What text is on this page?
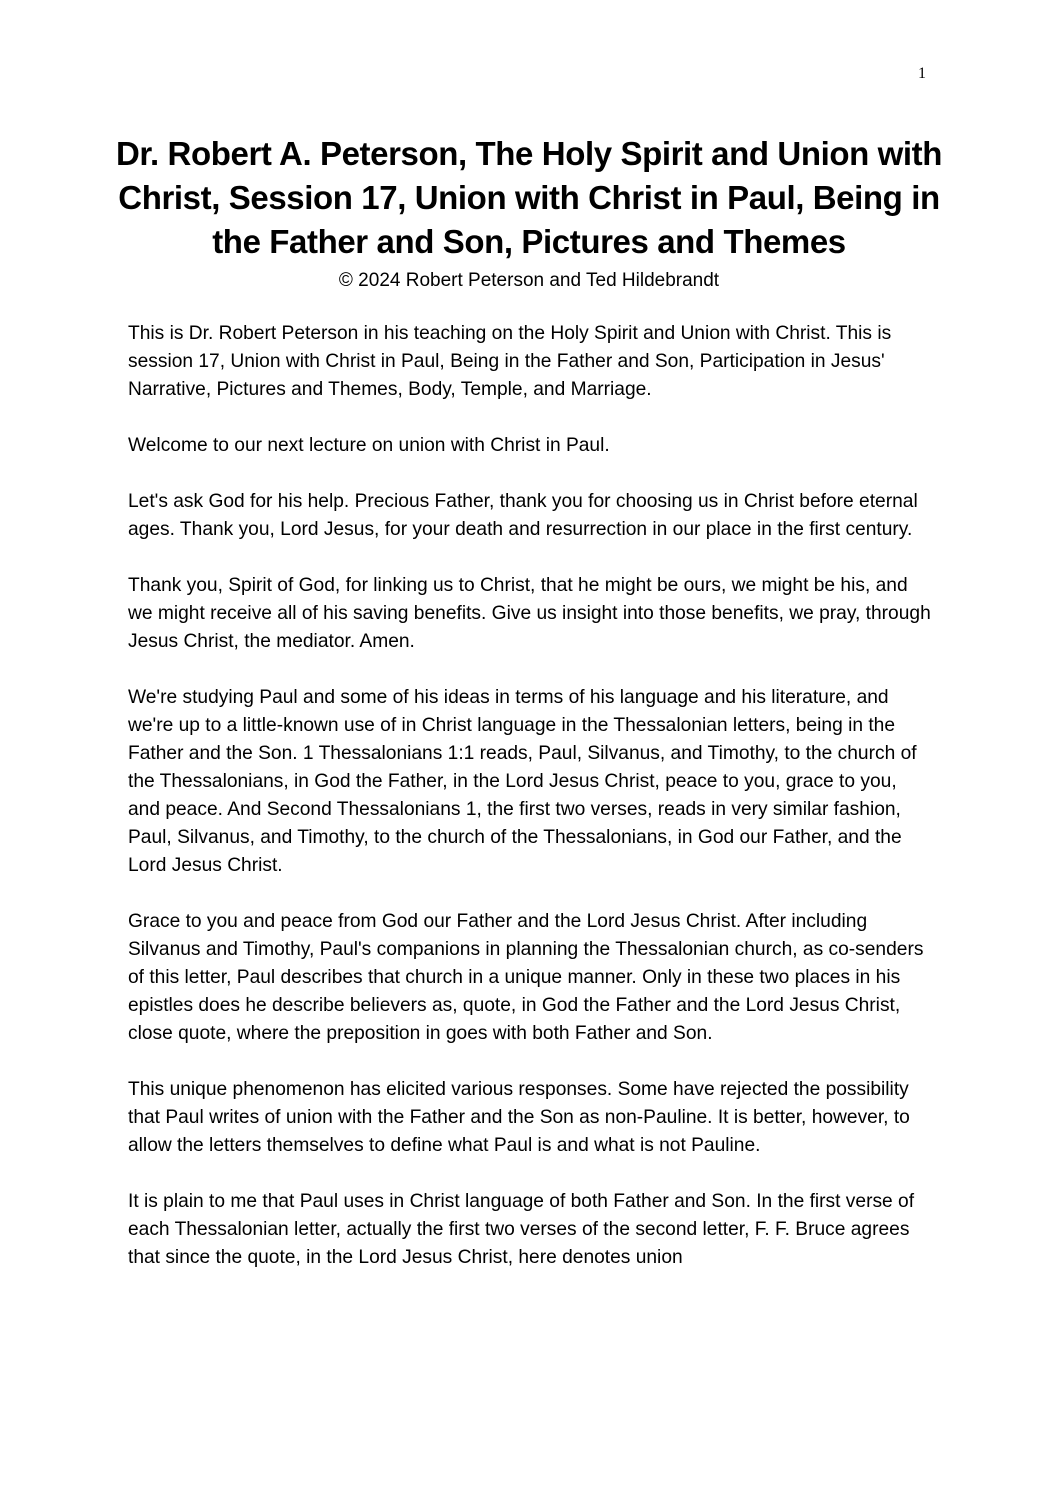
1
Dr. Robert A. Peterson, The Holy Spirit and Union with Christ, Session 17, Union with Christ in Paul, Being in the Father and Son, Pictures and Themes
© 2024 Robert Peterson and Ted Hildebrandt

This is Dr. Robert Peterson in his teaching on the Holy Spirit and Union with Christ. This is session 17, Union with Christ in Paul, Being in the Father and Son, Participation in Jesus' Narrative, Pictures and Themes, Body, Temple, and Marriage.

Welcome to our next lecture on union with Christ in Paul.

Let's ask God for his help. Precious Father, thank you for choosing us in Christ before eternal ages. Thank you, Lord Jesus, for your death and resurrection in our place in the first century.

Thank you, Spirit of God, for linking us to Christ, that he might be ours, we might be his, and we might receive all of his saving benefits. Give us insight into those benefits, we pray, through Jesus Christ, the mediator. Amen.

We're studying Paul and some of his ideas in terms of his language and his literature, and we're up to a little-known use of in Christ language in the Thessalonian letters, being in the Father and the Son. 1 Thessalonians 1:1 reads, Paul, Silvanus, and Timothy, to the church of the Thessalonians, in God the Father, in the Lord Jesus Christ, peace to you, grace to you, and peace. And Second Thessalonians 1, the first two verses, reads in very similar fashion, Paul, Silvanus, and Timothy, to the church of the Thessalonians, in God our Father, and the Lord Jesus Christ.

Grace to you and peace from God our Father and the Lord Jesus Christ. After including Silvanus and Timothy, Paul's companions in planning the Thessalonian church, as co-senders of this letter, Paul describes that church in a unique manner. Only in these two places in his epistles does he describe believers as, quote, in God the Father and the Lord Jesus Christ, close quote, where the preposition in goes with both Father and Son.

This unique phenomenon has elicited various responses. Some have rejected the possibility that Paul writes of union with the Father and the Son as non-Pauline. It is better, however, to allow the letters themselves to define what Paul is and what is not Pauline.

It is plain to me that Paul uses in Christ language of both Father and Son. In the first verse of each Thessalonian letter, actually the first two verses of the second letter, F. F. Bruce agrees that since the quote, in the Lord Jesus Christ, here denotes union
